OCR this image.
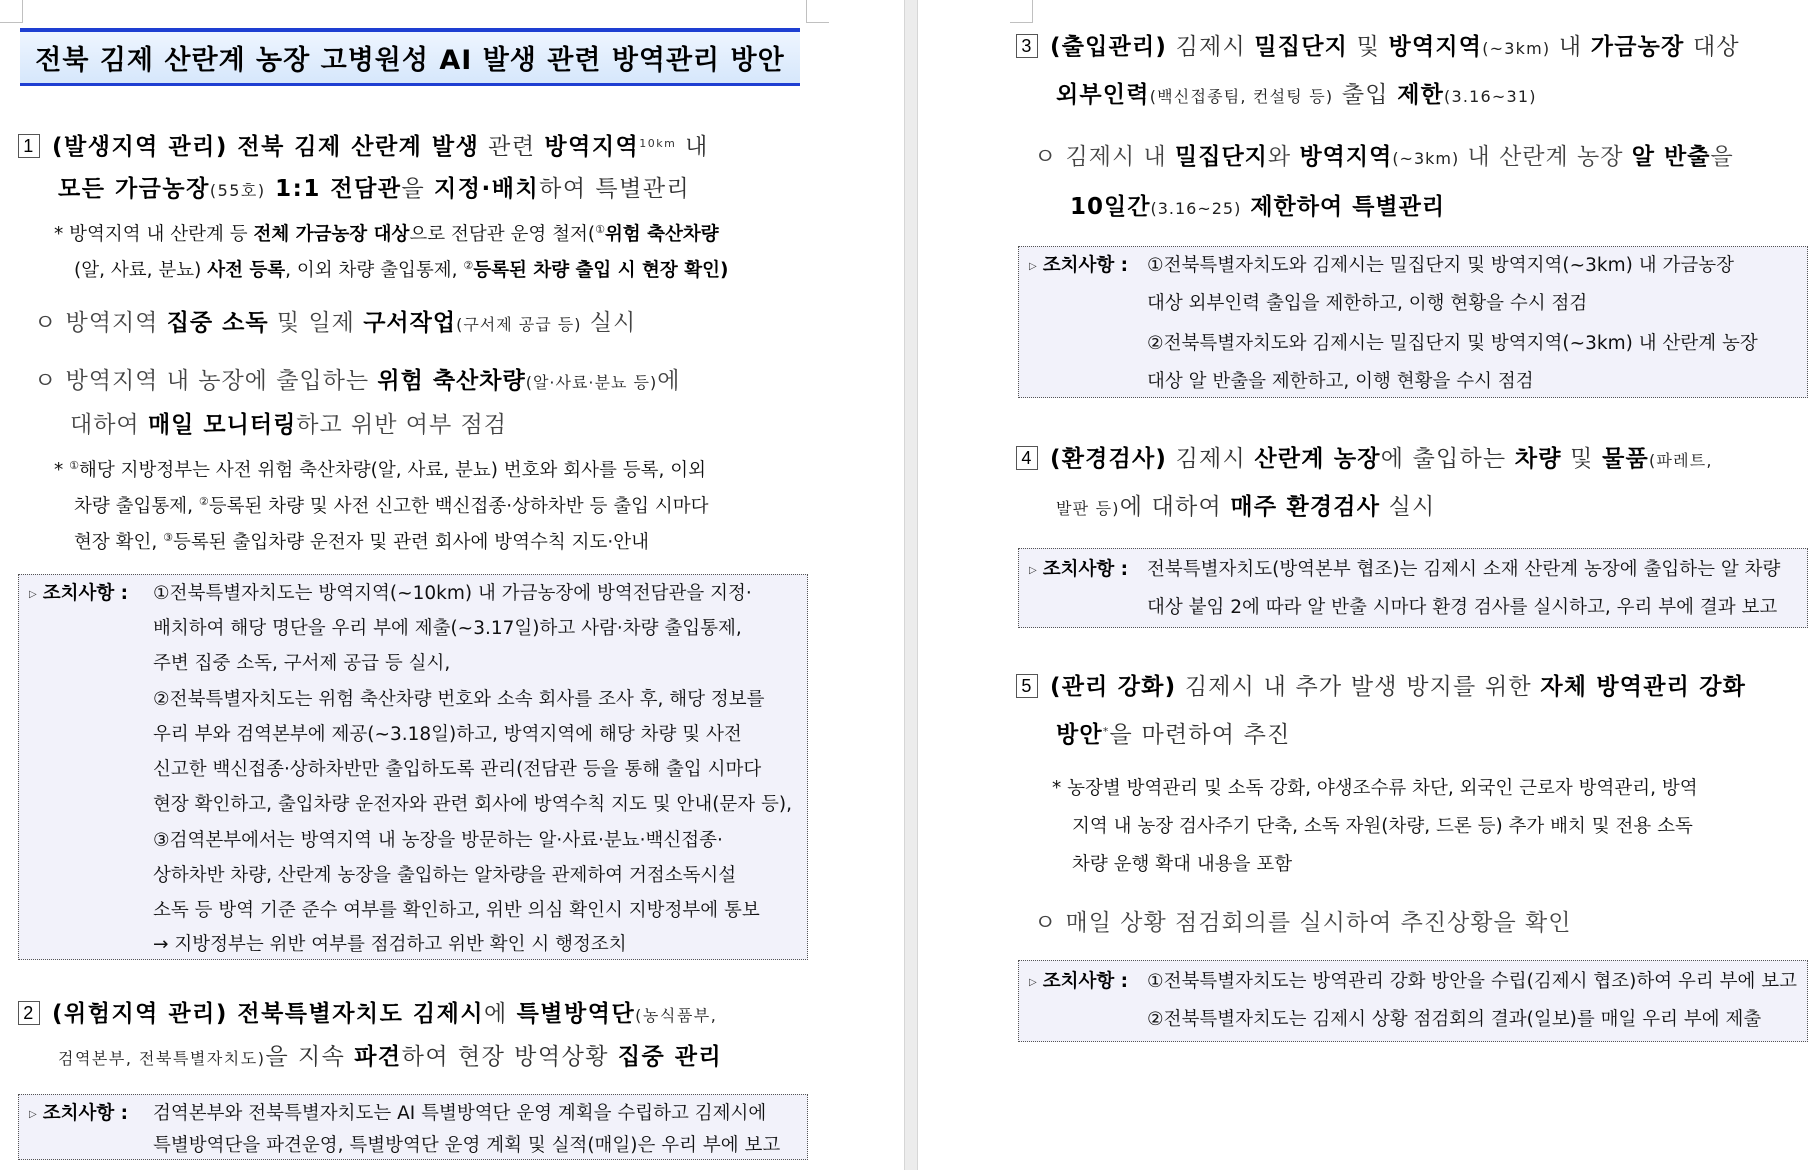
전북 김제 산란계 농장 고병원성 AI 발생 관련 방역관리 방안
1 (발생지역 관리) 전북 김제 산란계 발생 관련 방역지역$^{10km}$ 내
모든 가금농장(55호) 1:1 전담관을 지정·배치하여 특별관리
* 방역지역 내 산란계 등 전체 가금농장 대상으로 전담관 운영 철저(①위험 축산차량
(알, 사료, 분뇨) 사전 등록, 이외 차량 출입통제, ②등록된 차량 출입 시 현장 확인)
ㅇ 방역지역 집중 소독 및 일제 구서작업(구서제 공급 등) 실시
ㅇ 방역지역 내 농장에 출입하는 위험 축산차량(알·사료·분뇨 등)에
대하여 매일 모니터링하고 위반 여부 점검
* ①해당 지방정부는 사전 위험 축산차량(알, 사료, 분뇨) 번호와 회사를 등록, 이외
차량 출입통제, ②등록된 차량 및 사전 신고한 백신접종·상하차반 등 출입 시마다
현장 확인, ③등록된 출입차량 운전자 및 관련 회사에 방역수칙 지도·안내
▷ 조치사항 : ①전북특별자치도는 방역지역(~10km) 내 가금농장에 방역전담관을 지정·
배치하여 해당 명단을 우리 부에 제출(~3.17일)하고 사람·차량 출입통제,
주변 집중 소독, 구서제 공급 등 실시,
②전북특별자치도는 위험 축산차량 번호와 소속 회사를 조사 후, 해당 정보를
우리 부와 검역본부에 제공(~3.18일)하고, 방역지역에 해당 차량 및 사전
신고한 백신접종·상하차반만 출입하도록 관리(전담관 등을 통해 출입 시마다
현장 확인하고, 출입차량 운전자와 관련 회사에 방역수칙 지도 및 안내(문자 등),
③검역본부에서는 방역지역 내 농장을 방문하는 알·사료·분뇨·백신접종·
상하차반 차량, 산란계 농장을 출입하는 알차량을 관제하여 거점소독시설
소독 등 방역 기준 준수 여부를 확인하고, 위반 의심 확인시 지방정부에 통보
→ 지방정부는 위반 여부를 점검하고 위반 확인 시 행정조치
2 (위험지역 관리) 전북특별자치도 김제시에 특별방역단(농식품부,
검역본부, 전북특별자치도)을 지속 파견하여 현장 방역상황 집중 관리
▷ 조치사항 : 검역본부와 전북특별자치도는 AI 특별방역단 운영 계획을 수립하고 김제시에
특별방역단을 파견운영, 특별방역단 운영 계획 및 실적(매일)은 우리 부에 보고
3 (출입관리) 김제시 밀집단지 및 방역지역(~3km) 내 가금농장 대상
외부인력(백신접종팀, 컨설팅 등) 출입 제한(3.16~31)
ㅇ 김제시 내 밀집단지와 방역지역(~3km) 내 산란계 농장 알 반출을
10일간(3.16~25) 제한하여 특별관리
▷ 조치사항 : ①전북특별자치도와 김제시는 밀집단지 및 방역지역(~3km) 내 가금농장
대상 외부인력 출입을 제한하고, 이행 현황을 수시 점검
②전북특별자치도와 김제시는 밀집단지 및 방역지역(~3km) 내 산란계 농장
대상 알 반출을 제한하고, 이행 현황을 수시 점검
4 (환경검사) 김제시 산란계 농장에 출입하는 차량 및 물품(파레트,
발판 등)에 대하여 매주 환경검사 실시
▷ 조치사항 : 전북특별자치도(방역본부 협조)는 김제시 소재 산란계 농장에 출입하는 알 차량
대상 붙임 2에 따라 알 반출 시마다 환경 검사를 실시하고, 우리 부에 결과 보고
5 (관리 강화) 김제시 내 추가 발생 방지를 위한 자체 방역관리 강화
방안*을 마련하여 추진
* 농장별 방역관리 및 소독 강화, 야생조수류 차단, 외국인 근로자 방역관리, 방역
지역 내 농장 검사주기 단축, 소독 자원(차량, 드론 등) 추가 배치 및 전용 소독
차량 운행 확대 내용을 포함
ㅇ 매일 상황 점검회의를 실시하여 추진상황을 확인
▷ 조치사항 : ①전북특별자치도는 방역관리 강화 방안을 수립(김제시 협조)하여 우리 부에 보고
②전북특별자치도는 김제시 상황 점검회의 결과(일보)를 매일 우리 부에 제출
